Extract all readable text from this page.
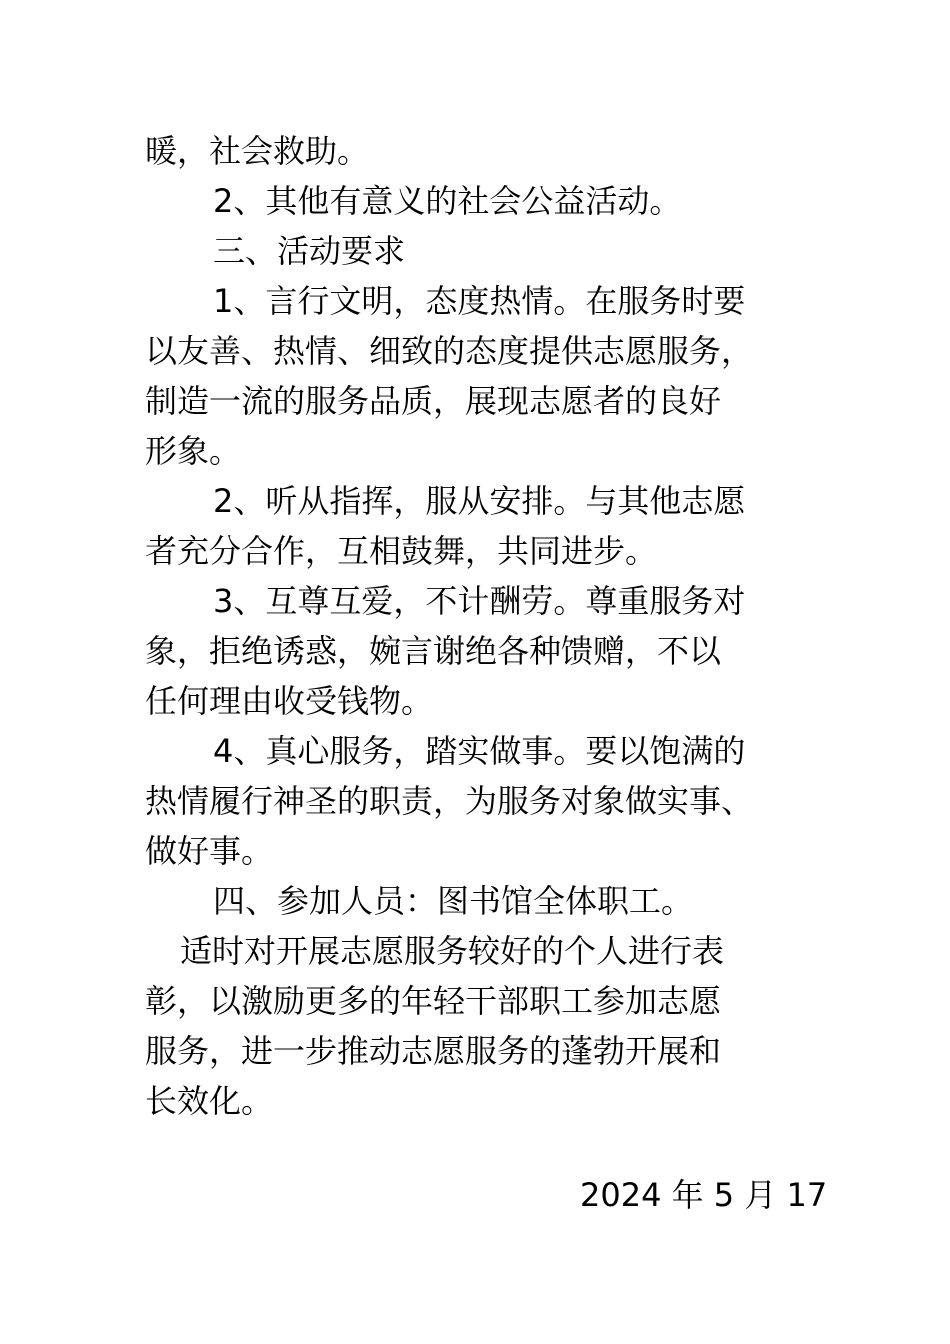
暖，社会救助。
2、其他有意义的社会公益活动。
三、活动要求
1、言行文明，态度热情。在服务时要
以友善、热情、细致的态度提供志愿服务，
制造一流的服务品质，展现志愿者的良好
形象。
2、听从指挥，服从安排。与其他志愿
者充分合作，互相鼓舞，共同进步。
3、互尊互爱，不计酬劳。尊重服务对
象，拒绝诱惑，婉言谢绝各种馈赠，不以
任何理由收受钱物。
4、真心服务，踏实做事。要以饱满的
热情履行神圣的职责，为服务对象做实事、
做好事。
四、参加人员：图书馆全体职工。
适时对开展志愿服务较好的个人进行表
彰，以激励更多的年轻干部职工参加志愿
服务，进一步推动志愿服务的蓬勃开展和
长效化。
2024 年 5 月 17
